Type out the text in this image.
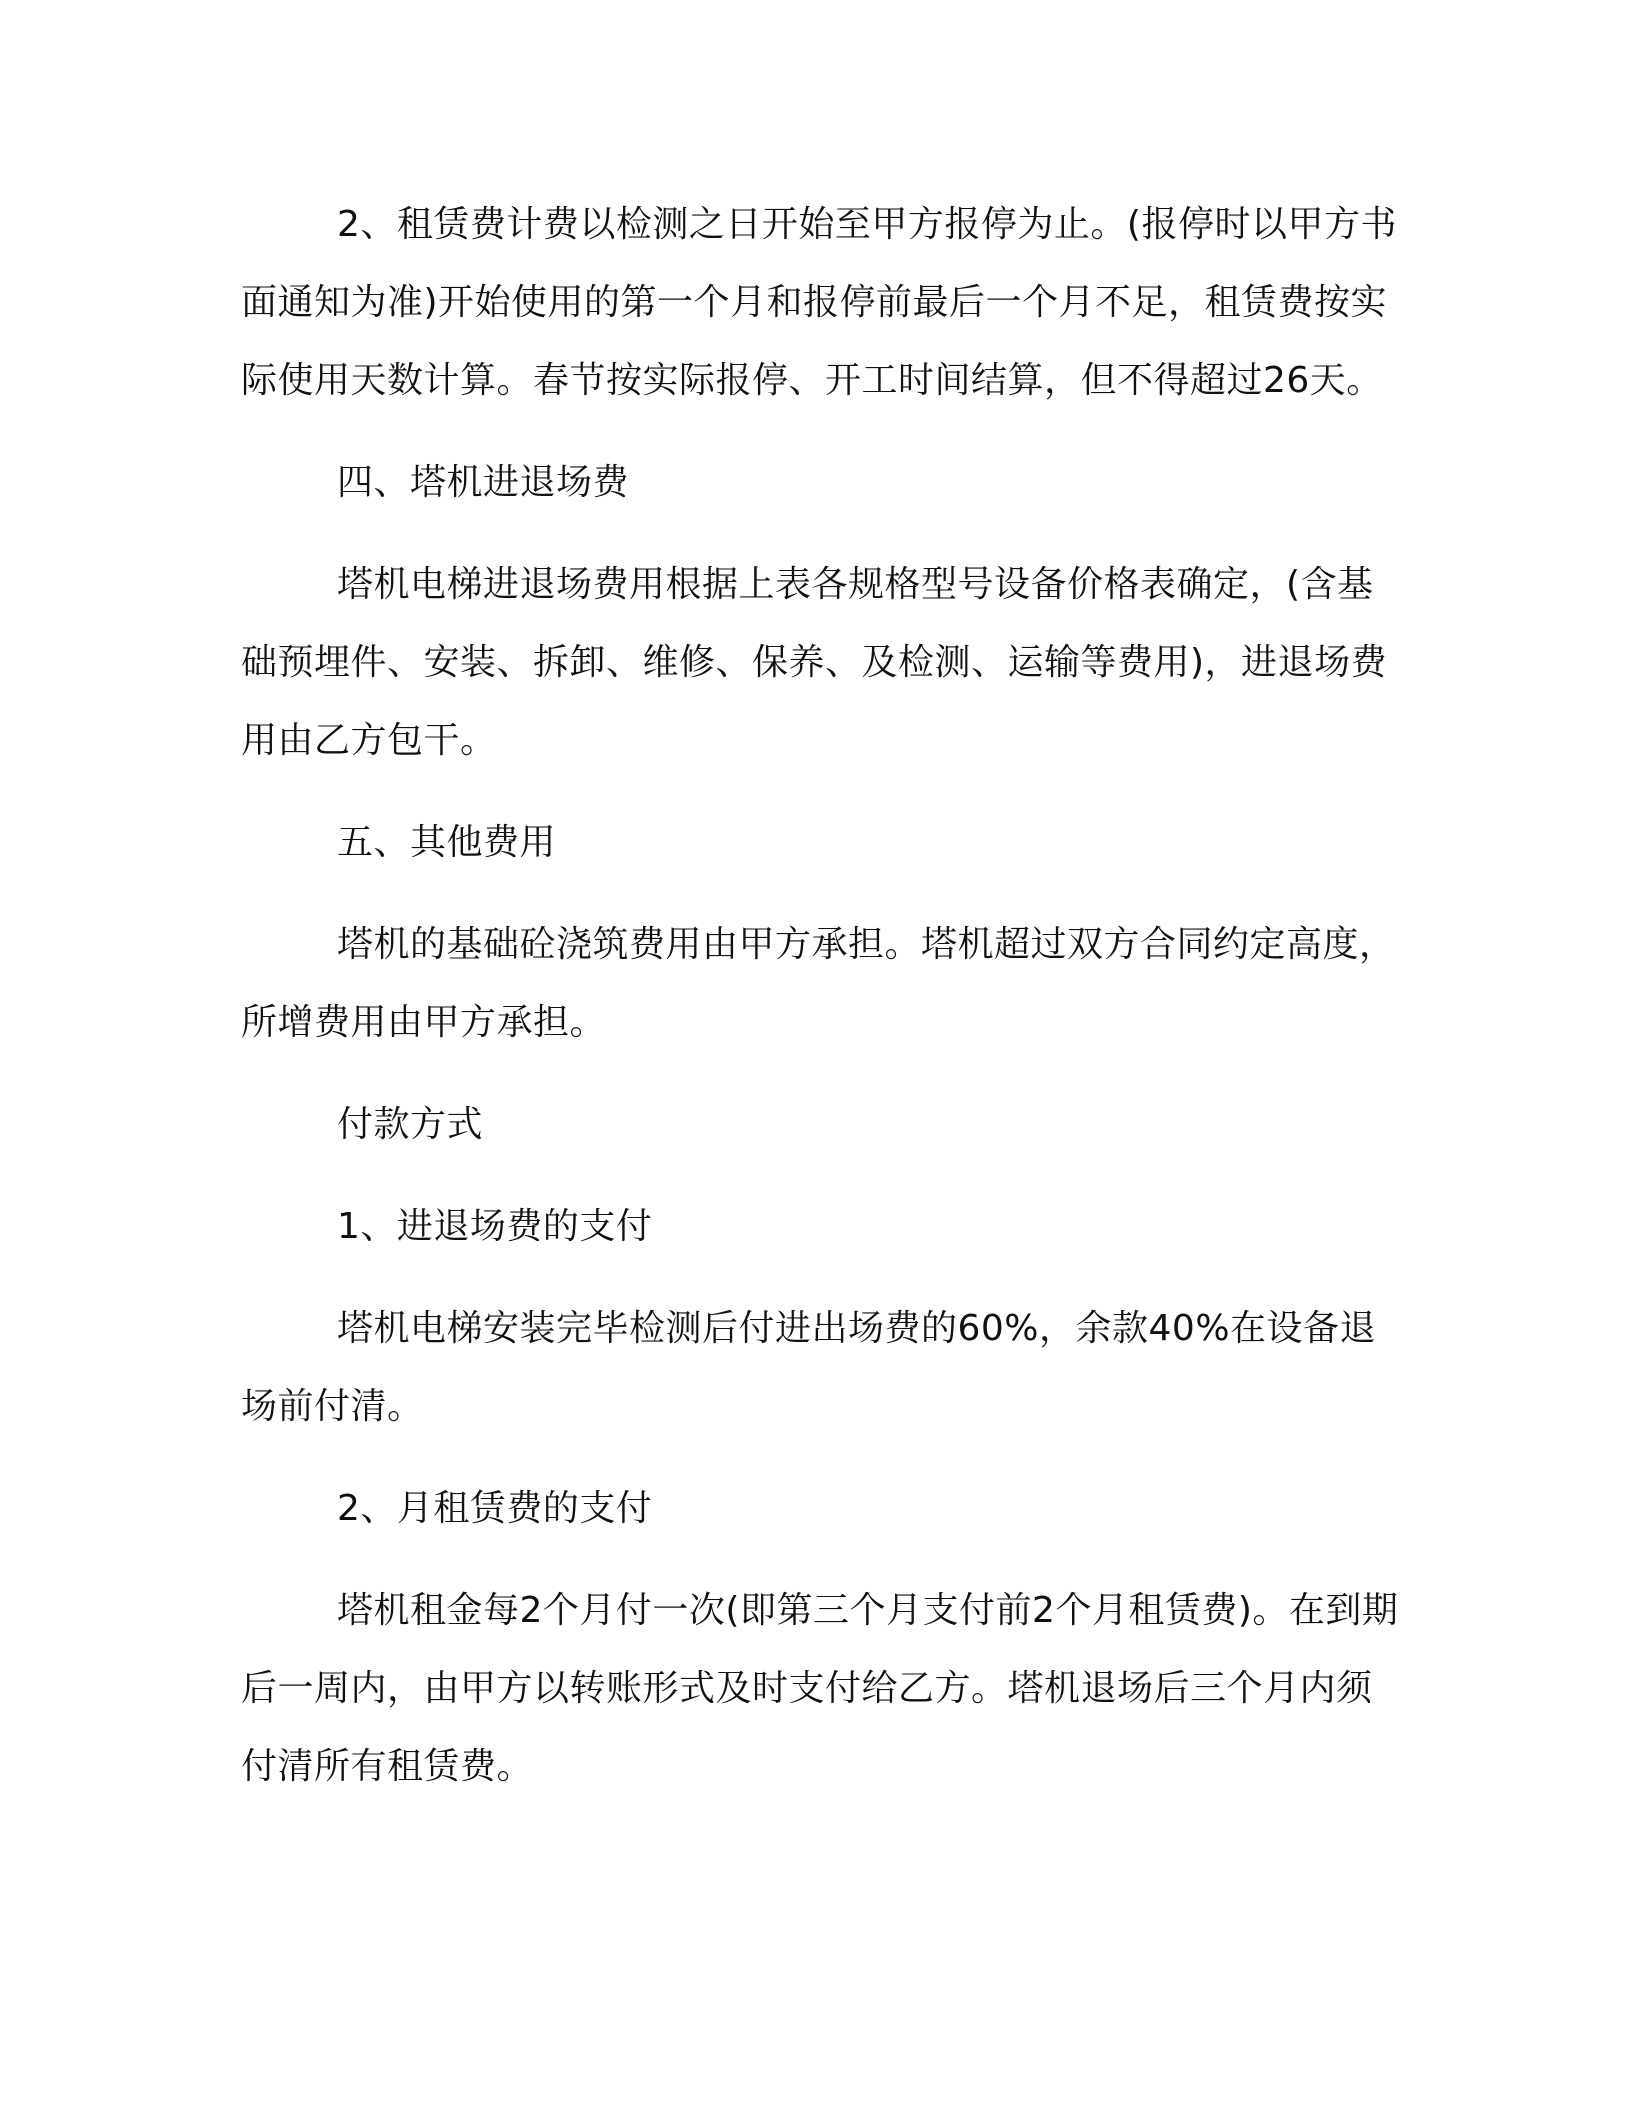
2、租赁费计费以检测之日开始至甲方报停为止。(报停时以甲方书面通知为准)开始使用的第一个月和报停前最后一个月不足，租赁费按实际使用天数计算。春节按实际报停、开工时间结算，但不得超过26天。

四、塔机进退场费

塔机电梯进退场费用根据上表各规格型号设备价格表确定，(含基础预埋件、安装、拆卸、维修、保养、及检测、运输等费用)，进退场费用由乙方包干。

五、其他费用

塔机的基础砼浇筑费用由甲方承担。塔机超过双方合同约定高度，所增费用由甲方承担。

付款方式

1、进退场费的支付

塔机电梯安装完毕检测后付进出场费的60%，余款40%在设备退场前付清。

2、月租赁费的支付

塔机租金每2个月付一次(即第三个月支付前2个月租赁费)。在到期后一周内，由甲方以转账形式及时支付给乙方。塔机退场后三个月内须付清所有租赁费。
